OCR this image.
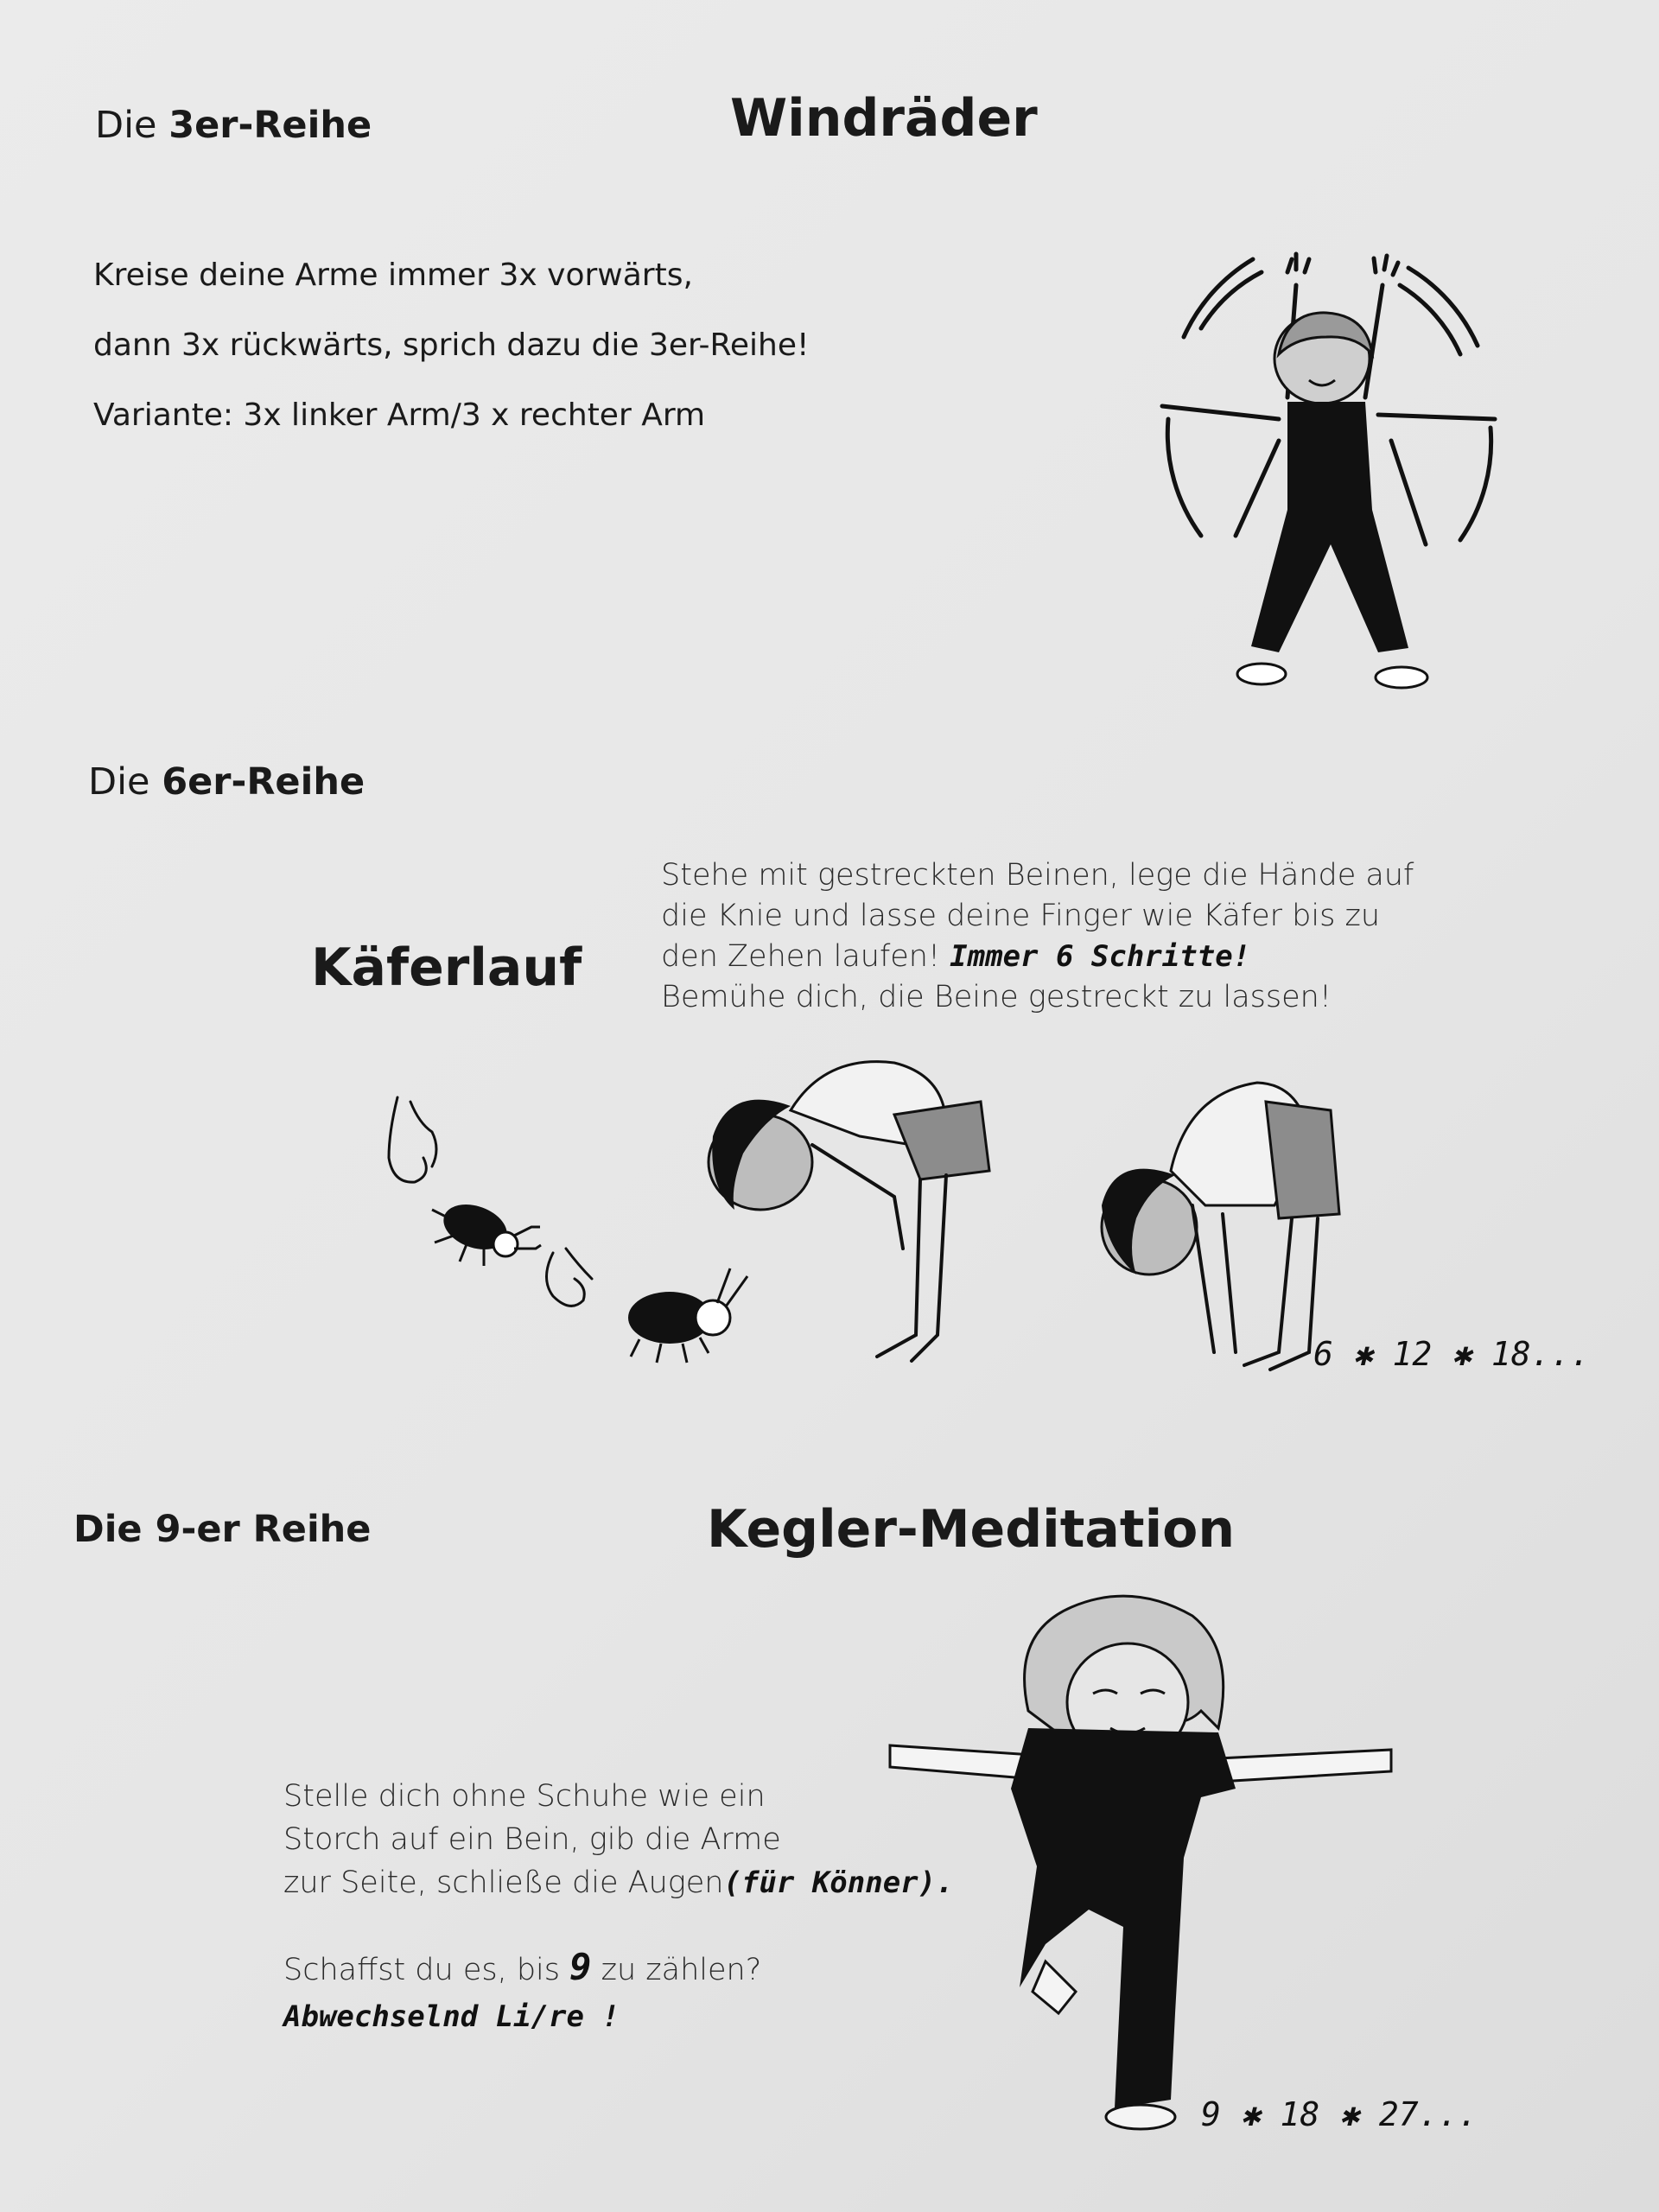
Die 3er-Reihe	Windräder
Kreise deine Arme immer 3x vorwärts,
dann 3x rückwärts, sprich dazu die 3er-Reihe!
Variante: 3x linker Arm/3 x rechter Arm
Die 6er-Reihe
Käferlauf
Stehe mit gestreckten Beinen, lege die Hände auf
die Knie und lasse deine Finger wie Käfer bis zu
den Zehen laufen! Immer 6 Schritte!
Bemühe dich, die Beine gestreckt zu lassen!
6 ✱ 12 ✱ 18...
Die 9-er Reihe	Kegler-Meditation
Stelle dich ohne Schuhe wie ein
Storch auf ein Bein, gib die Arme
zur Seite, schließe die Augen(für Könner).
Schaffst du es, bis 9 zu zählen?
Abwechselnd Li/re !
9 ✱ 18 ✱ 27...
